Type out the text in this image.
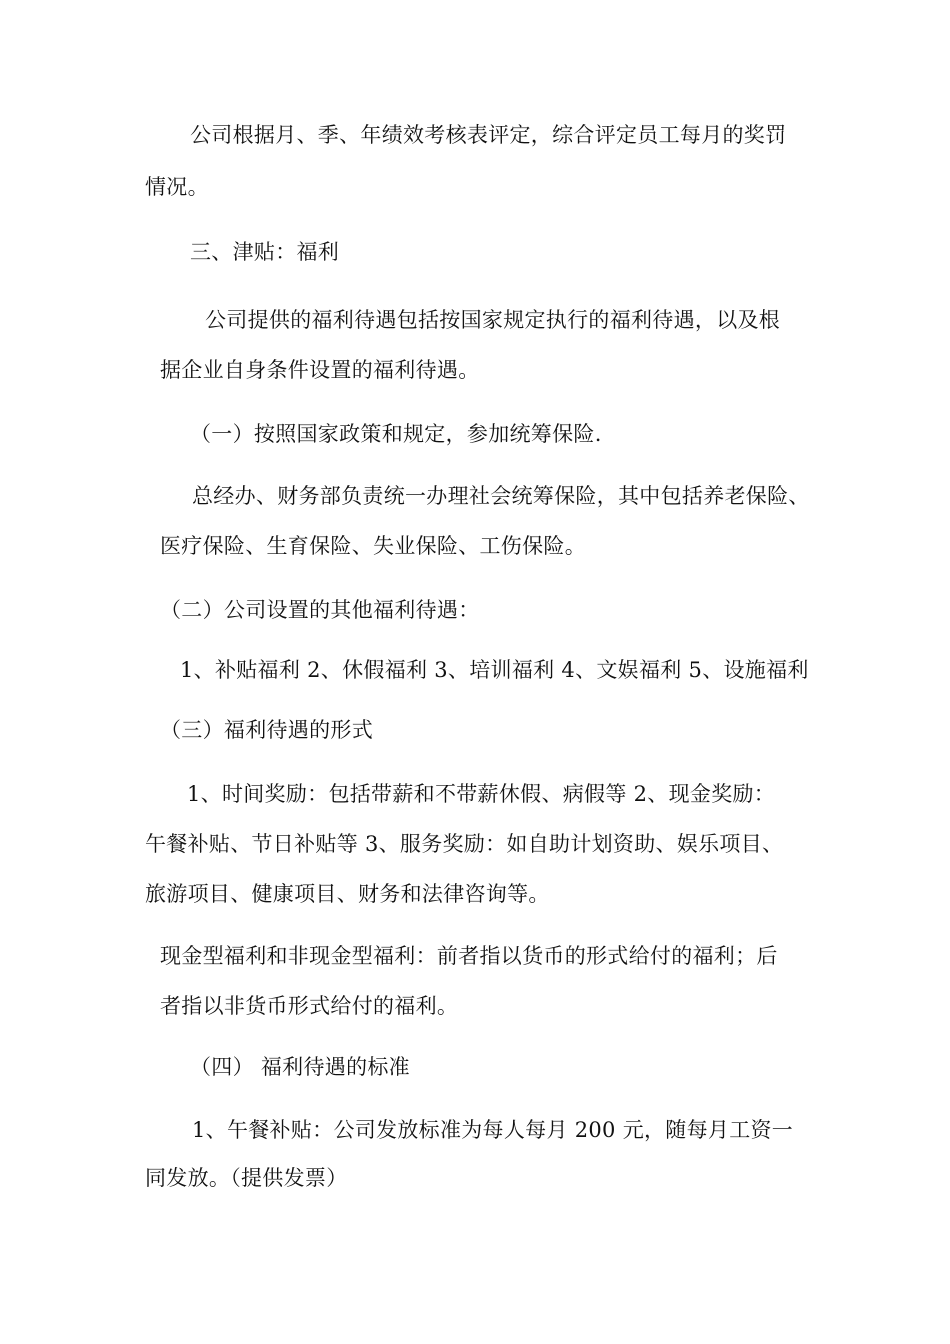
公司根据月、季、年绩效考核表评定，综合评定员工每月的奖罚
情况。
三、津贴：福利
公司提供的福利待遇包括按国家规定执行的福利待遇，以及根
据企业自身条件设置的福利待遇。
（一）按照国家政策和规定，参加统筹保险.
总经办、财务部负责统一办理社会统筹保险，其中包括养老保险、
医疗保险、生育保险、失业保险、工伤保险。
（二）公司设置的其他福利待遇：
1、补贴福利 2、休假福利 3、培训福利 4、文娱福利 5、设施福利
（三）福利待遇的形式
1、时间奖励：包括带薪和不带薪休假、病假等 2、现金奖励：
午餐补贴、节日补贴等 3、服务奖励：如自助计划资助、娱乐项目、
旅游项目、健康项目、财务和法律咨询等。
现金型福利和非现金型福利：前者指以货币的形式给付的福利；后
者指以非货币形式给付的福利。
（四） 福利待遇的标准
1、午餐补贴：公司发放标准为每人每月 200 元，随每月工资一
同发放。（提供发票）
